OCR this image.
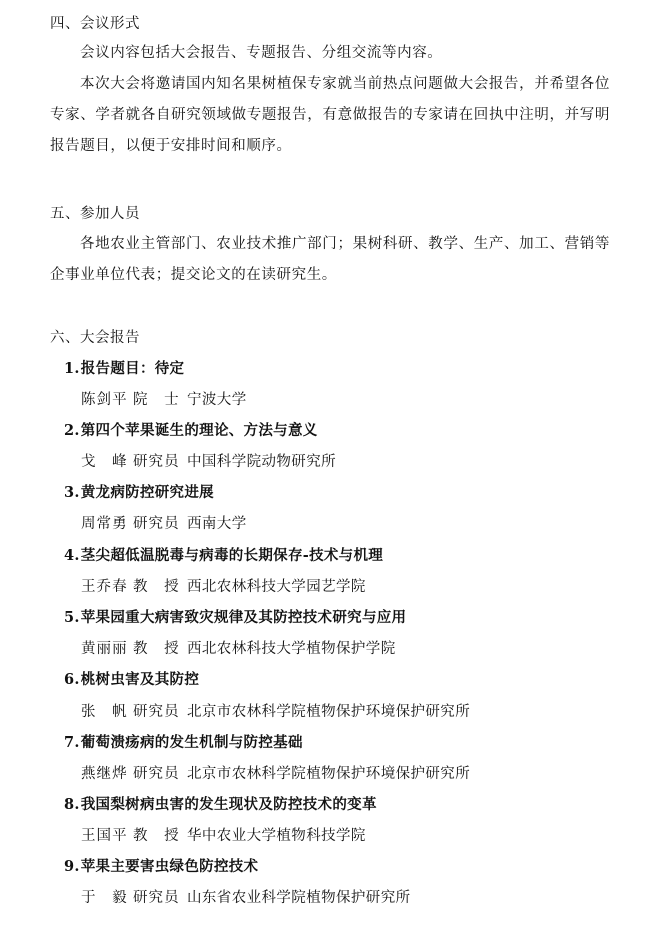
四、会议形式
会议内容包括大会报告、专题报告、分组交流等内容。
本次大会将邀请国内知名果树植保专家就当前热点问题做大会报告，并希望各位专家、学者就各自研究领域做专题报告，有意做报告的专家请在回执中注明，并写明报告题目，以便于安排时间和顺序。
五、参加人员
各地农业主管部门、农业技术推广部门；果树科研、教学、生产、加工、营销等企事业单位代表；提交论文的在读研究生。
六、大会报告
1.报告题目：待定
陈剑平 院士 宁波大学
2.第四个苹果诞生的理论、方法与意义
戈峰 研究员 中国科学院动物研究所
3.黄龙病防控研究进展
周常勇 研究员 西南大学
4.茎尖超低温脱毒与病毒的长期保存-技术与机理
王乔春 教授 西北农林科技大学园艺学院
5.苹果园重大病害致灾规律及其防控技术研究与应用
黄丽丽 教授 西北农林科技大学植物保护学院
6.桃树虫害及其防控
张帆 研究员 北京市农林科学院植物保护环境保护研究所
7.葡萄溃疡病的发生机制与防控基础
燕继烨 研究员 北京市农林科学院植物保护环境保护研究所
8.我国梨树病虫害的发生现状及防控技术的变革
王国平 教授 华中农业大学植物科技学院
9.苹果主要害虫绿色防控技术
于毅 研究员 山东省农业科学院植物保护研究所
